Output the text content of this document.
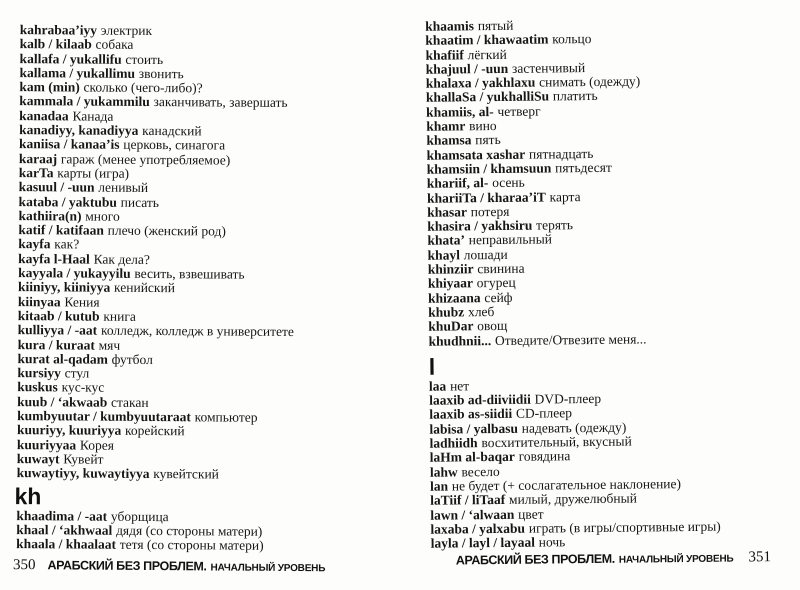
kahrabaa’iyy электрик
kalb / kilaab собака
kallafa / yukallifu стоить
kallama / yukallimu звонить
kam (min) сколько (чего-либо)?
kammala / yukammilu заканчивать, завершать
kanadaa Канада
kanadiyy, kanadiyya канадский
kaniisa / kanaa’is церковь, синагога
karaaj гараж (менее употребляемое)
karTa карты (игра)
kasuul / -uun ленивый
kataba / yaktubu писать
kathiira(n) много
katif / katifaan плечо (женский род)
kayfa как?
kayfa l-Haal Как дела?
kayyala / yukayyilu весить, взвешивать
kiiniyy, kiiniyya кенийский
kiinyaa Кения
kitaab / kutub книга
kulliyya / -aat колледж, колледж в университете
kura / kuraat мяч
kurat al-qadam футбол
kursiyy стул
kuskus кус-кус
kuub / ‘akwaab стакан
kumbyuutar / kumbyuutaraat компьютер
kuuriyy, kuuriyya корейский
kuuriyyaa Корея
kuwayt Кувейт
kuwaytiyy, kuwaytiyya кувейтский
kh
khaadima / -aat уборщица
khaal / ‘akhwaal дядя (со стороны матери)
khaala / khaalaat тетя (со стороны матери)
350 АРАБСКИЙ БЕЗ ПРОБЛЕМ. НАЧАЛЬНЫЙ УРОВЕНЬ
khaamis пятый
khaatim / khawaatim кольцо
khafiif лёгкий
khajuul / -uun застенчивый
khalaxa / yakhlaxu снимать (одежду)
khallaSa / yukhalliSu платить
khamiis, al- четверг
khamr вино
khamsa пять
khamsata xashar пятнадцать
khamsiin / khamsuun пятьдесят
khariif, al- осень
khariiTa / kharaa’iT карта
khasar потеря
khasira / yakhsiru терять
khata’ неправильный
khayl лошади
khinziir свинина
khiyaar огурец
khizaana сейф
khubz хлеб
khuDar овощ
khudhnii... Отведите/Отвезите меня...
l
laa нет
laaxib ad-diiviidii DVD-плеер
laaxib as-siidii CD-плеер
labisa / yalbasu надевать (одежду)
ladhiidh восхитительный, вкусный
laHm al-baqar говядина
lahw весело
lan не будет (+ сослагательное наклонение)
laTiif / liTaaf милый, дружелюбный
lawn / ‘alwaan цвет
laxaba / yalxabu играть (в игры/спортивные игры)
layla / layl / layaal ночь
АРАБСКИЙ БЕЗ ПРОБЛЕМ. НАЧАЛЬНЫЙ УРОВЕНЬ 351
